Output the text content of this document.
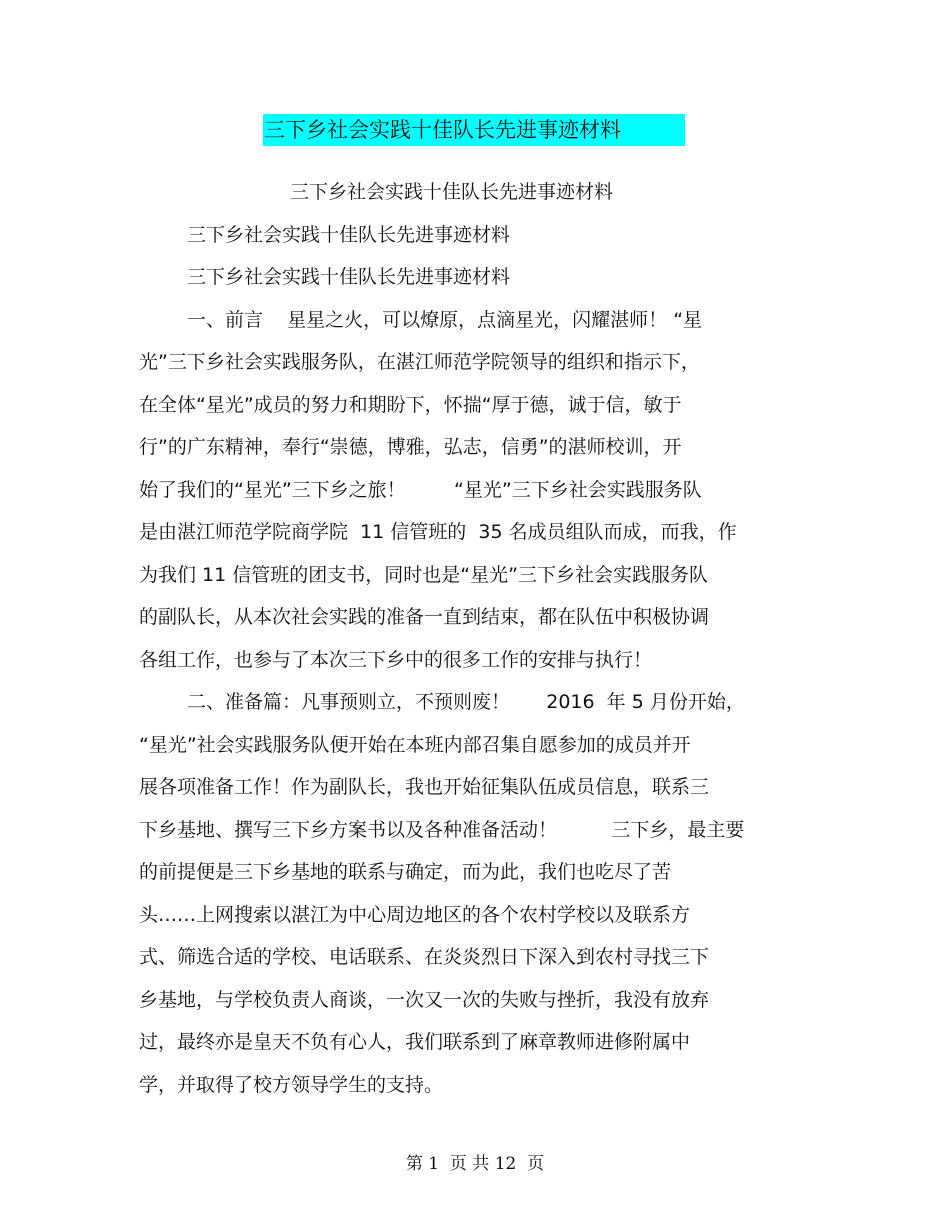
三下乡社会实践十佳队长先进事迹材料
三下乡社会实践十佳队长先进事迹材料
三下乡社会实践十佳队长先进事迹材料
三下乡社会实践十佳队长先进事迹材料
一、前言    星星之火，可以燎原，点滴星光，闪耀湛师！ “星
光”三下乡社会实践服务队，在湛江师范学院领导的组织和指示下，
在全体“星光”成员的努力和期盼下，怀揣“厚于德，诚于信，敏于
行”的广东精神，奉行“崇德，博雅，弘志，信勇”的湛师校训，开
始了我们的“星光”三下乡之旅！        “星光”三下乡社会实践服务队
是由湛江师范学院商学院  11 信管班的  35 名成员组队而成，而我，作
为我们 11 信管班的团支书，同时也是“星光”三下乡社会实践服务队
的副队长，从本次社会实践的准备一直到结束，都在队伍中积极协调
各组工作，也参与了本次三下乡中的很多工作的安排与执行！
二、准备篇：凡事预则立，不预则废！      2016  年 5 月份开始，
“星光”社会实践服务队便开始在本班内部召集自愿参加的成员并开
展各项准备工作！作为副队长，我也开始征集队伍成员信息，联系三
下乡基地、撰写三下乡方案书以及各种准备活动！         三下乡，最主要
的前提便是三下乡基地的联系与确定，而为此，我们也吃尽了苦
头……上网搜索以湛江为中心周边地区的各个农村学校以及联系方
式、筛选合适的学校、电话联系、在炎炎烈日下深入到农村寻找三下
乡基地，与学校负责人商谈，一次又一次的失败与挫折，我没有放弃
过，最终亦是皇天不负有心人，我们联系到了麻章教师进修附属中
学，并取得了校方领导学生的支持。
第 1  页 共 12  页
